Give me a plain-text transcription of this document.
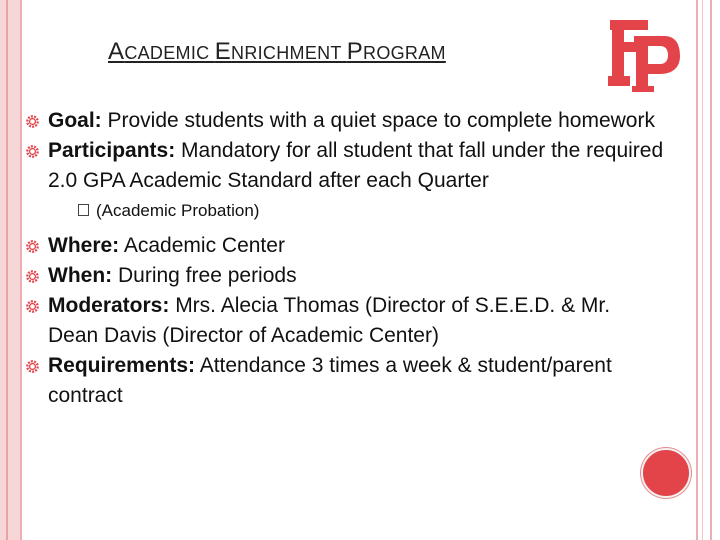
ACADEMIC ENRICHMENT PROGRAM
FP
Goal: Provide students with a quiet space to complete homework
Participants: Mandatory for all student that fall under the required 2.0 GPA Academic Standard after each Quarter
(Academic Probation)
Where: Academic Center
When: During free periods
Moderators: Mrs. Alecia Thomas (Director of S.E.E.D. & Mr. Dean Davis (Director of Academic Center)
Requirements: Attendance 3 times a week & student/parent contract
